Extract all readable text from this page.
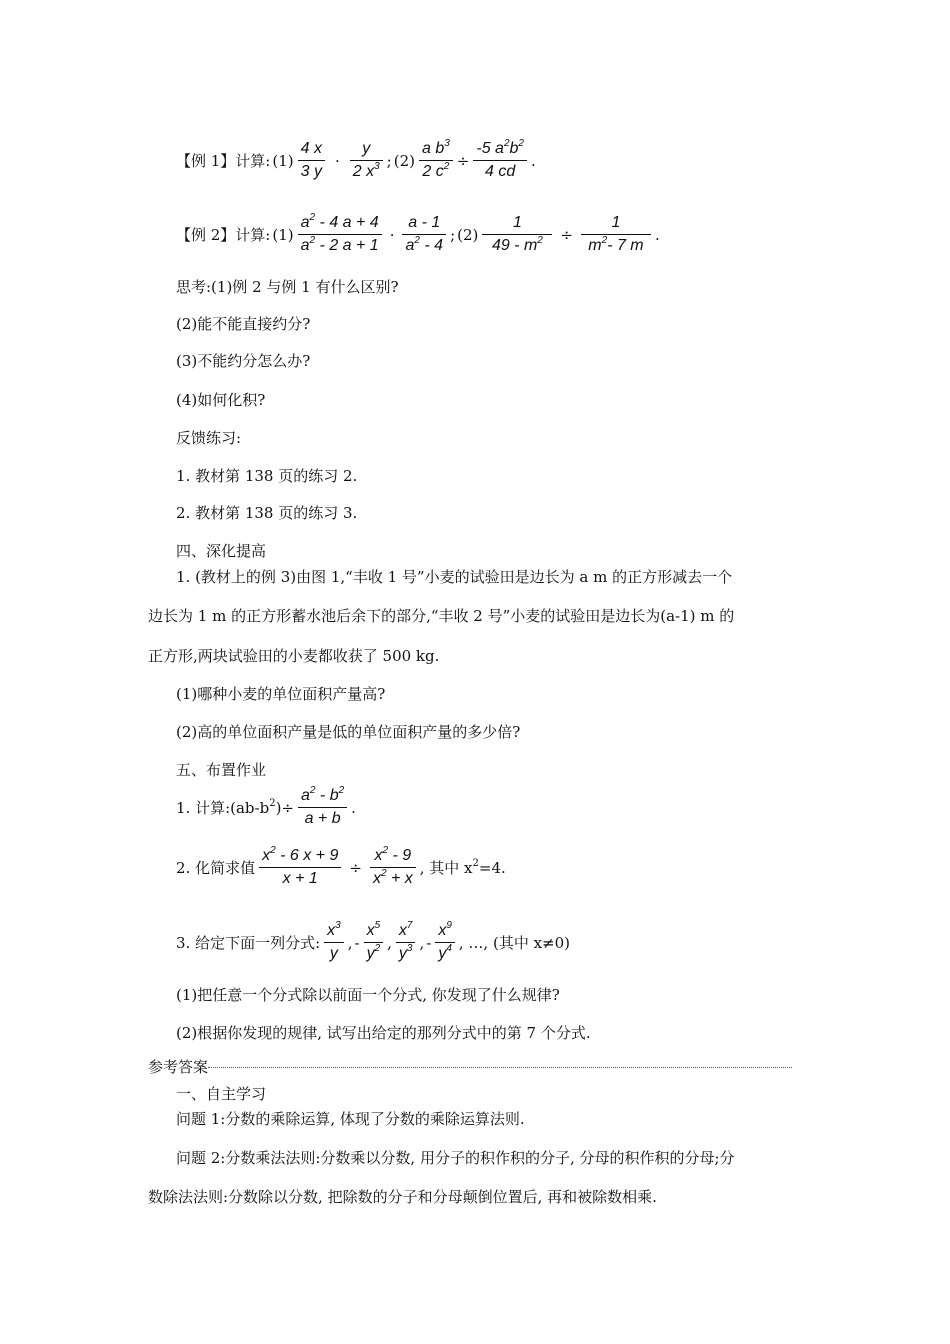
【例 1】计算: $(1) \frac{4 x}{3 y} \cdot \frac{y}{2 x^3}$ ; $(2) \frac{a b^3}{2 c^2} \div \frac{-5 a^2b^2}{4 cd}$ .
【例 2】计算: $(1) \frac{a^2 - 4 a + 4}{a^2 - 2 a + 1} \cdot \frac{a - 1}{a^2 - 4}$ ; $(2) \frac{1}{49 - m^2} \div \frac{1}{m^2- 7 m}$ .
思考:(1)例 2 与例 1 有什么区别?
(2)能不能直接约分?
(3)不能约分怎么办?
(4)如何化积?
反馈练习:
1. 教材第 138 页的练习 2.
2. 教材第 138 页的练习 3.
四、深化提高
1. (教材上的例 3)由图 1,“丰收 1 号”小麦的试验田是边长为 a m 的正方形减去一个
边长为 1 m 的正方形蓄水池后余下的部分,“丰收 2 号”小麦的试验田是边长为(a-1) m 的
正方形,两块试验田的小麦都收获了 500 kg.
(1)哪种小麦的单位面积产量高?
(2)高的单位面积产量是低的单位面积产量的多少倍?
五、布置作业
1. 计算$:(ab-b^2)\div \frac{a^2 - b^2}{a + b}$ .
2. 化简求值 $\frac{x^2 - 6 x + 9}{x + 1} \div \frac{x^2 - 9}{x^2 + x}$ , 其中 $x^2=4$.
3. 给定下面一列分式: $\frac{x^3}{y}$ , - $\frac{x^5}{y^2}$ , $\frac{x^7}{y^3}$ , - $\frac{x^9}{y^4}$ , …, (其中 x≠0)
(1)把任意一个分式除以前面一个分式, 你发现了什么规律?
(2)根据你发现的规律, 试写出给定的那列分式中的第 7 个分式.
参考答案
一、自主学习
问题 1:分数的乘除运算, 体现了分数的乘除运算法则.
问题 2:分数乘法法则:分数乘以分数, 用分子的积作积的分子, 分母的积作积的分母;分
数除法法则:分数除以分数, 把除数的分子和分母颠倒位置后, 再和被除数相乘.
